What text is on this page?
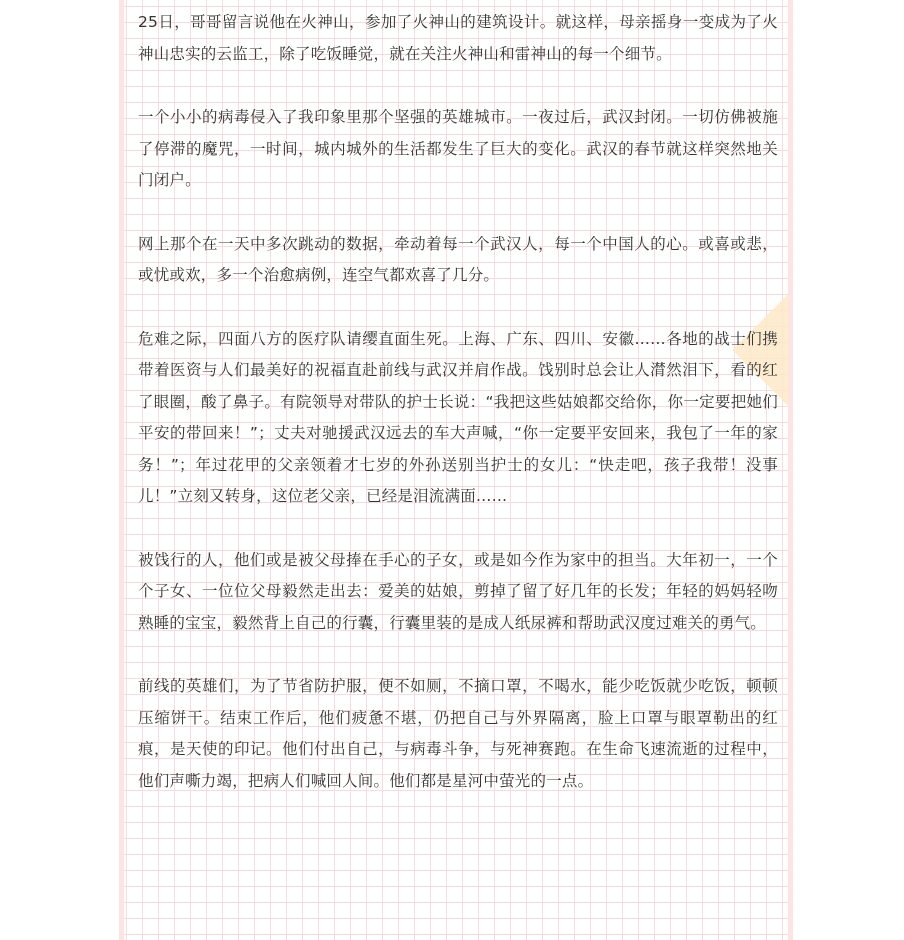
25日，哥哥留言说他在火神山，参加了火神山的建筑设计。就这样，母亲摇身一变成为了火神山忠实的云监工，除了吃饭睡觉，就在关注火神山和雷神山的每一个细节。

一个小小的病毒侵入了我印象里那个坚强的英雄城市。一夜过后，武汉封闭。一切仿佛被施了停滞的魔咒，一时间，城内城外的生活都发生了巨大的变化。武汉的春节就这样突然地关门闭户。

网上那个在一天中多次跳动的数据，牵动着每一个武汉人，每一个中国人的心。或喜或悲，或忧或欢，多一个治愈病例，连空气都欢喜了几分。

危难之际，四面八方的医疗队请缨直面生死。上海、广东、四川、安徽……各地的战士们携带着医资与人们最美好的祝福直赴前线与武汉并肩作战。饯别时总会让人潸然泪下，看的红了眼圈，酸了鼻子。有院领导对带队的护士长说：“我把这些姑娘都交给你，你一定要把她们平安的带回来！”；丈夫对驰援武汉远去的车大声喊，“你一定要平安回来，我包了一年的家务！”；年过花甲的父亲领着才七岁的外孙送别当护士的女儿：“快走吧，孩子我带！没事儿！”立刻又转身，这位老父亲，已经是泪流满面……

被饯行的人，他们或是被父母捧在手心的子女，或是如今作为家中的担当。大年初一，一个个子女、一位位父母毅然走出去：爱美的姑娘，剪掉了留了好几年的长发；年轻的妈妈轻吻熟睡的宝宝，毅然背上自己的行囊，行囊里装的是成人纸尿裤和帮助武汉度过难关的勇气。

前线的英雄们，为了节省防护服，便不如厕，不摘口罩，不喝水，能少吃饭就少吃饭，顿顿压缩饼干。结束工作后，他们疲惫不堪，仍把自己与外界隔离，脸上口罩与眼罩勒出的红痕，是天使的印记。他们付出自己，与病毒斗争，与死神赛跑。在生命飞速流逝的过程中，他们声嘶力竭，把病人们喊回人间。他们都是星河中萤光的一点。
